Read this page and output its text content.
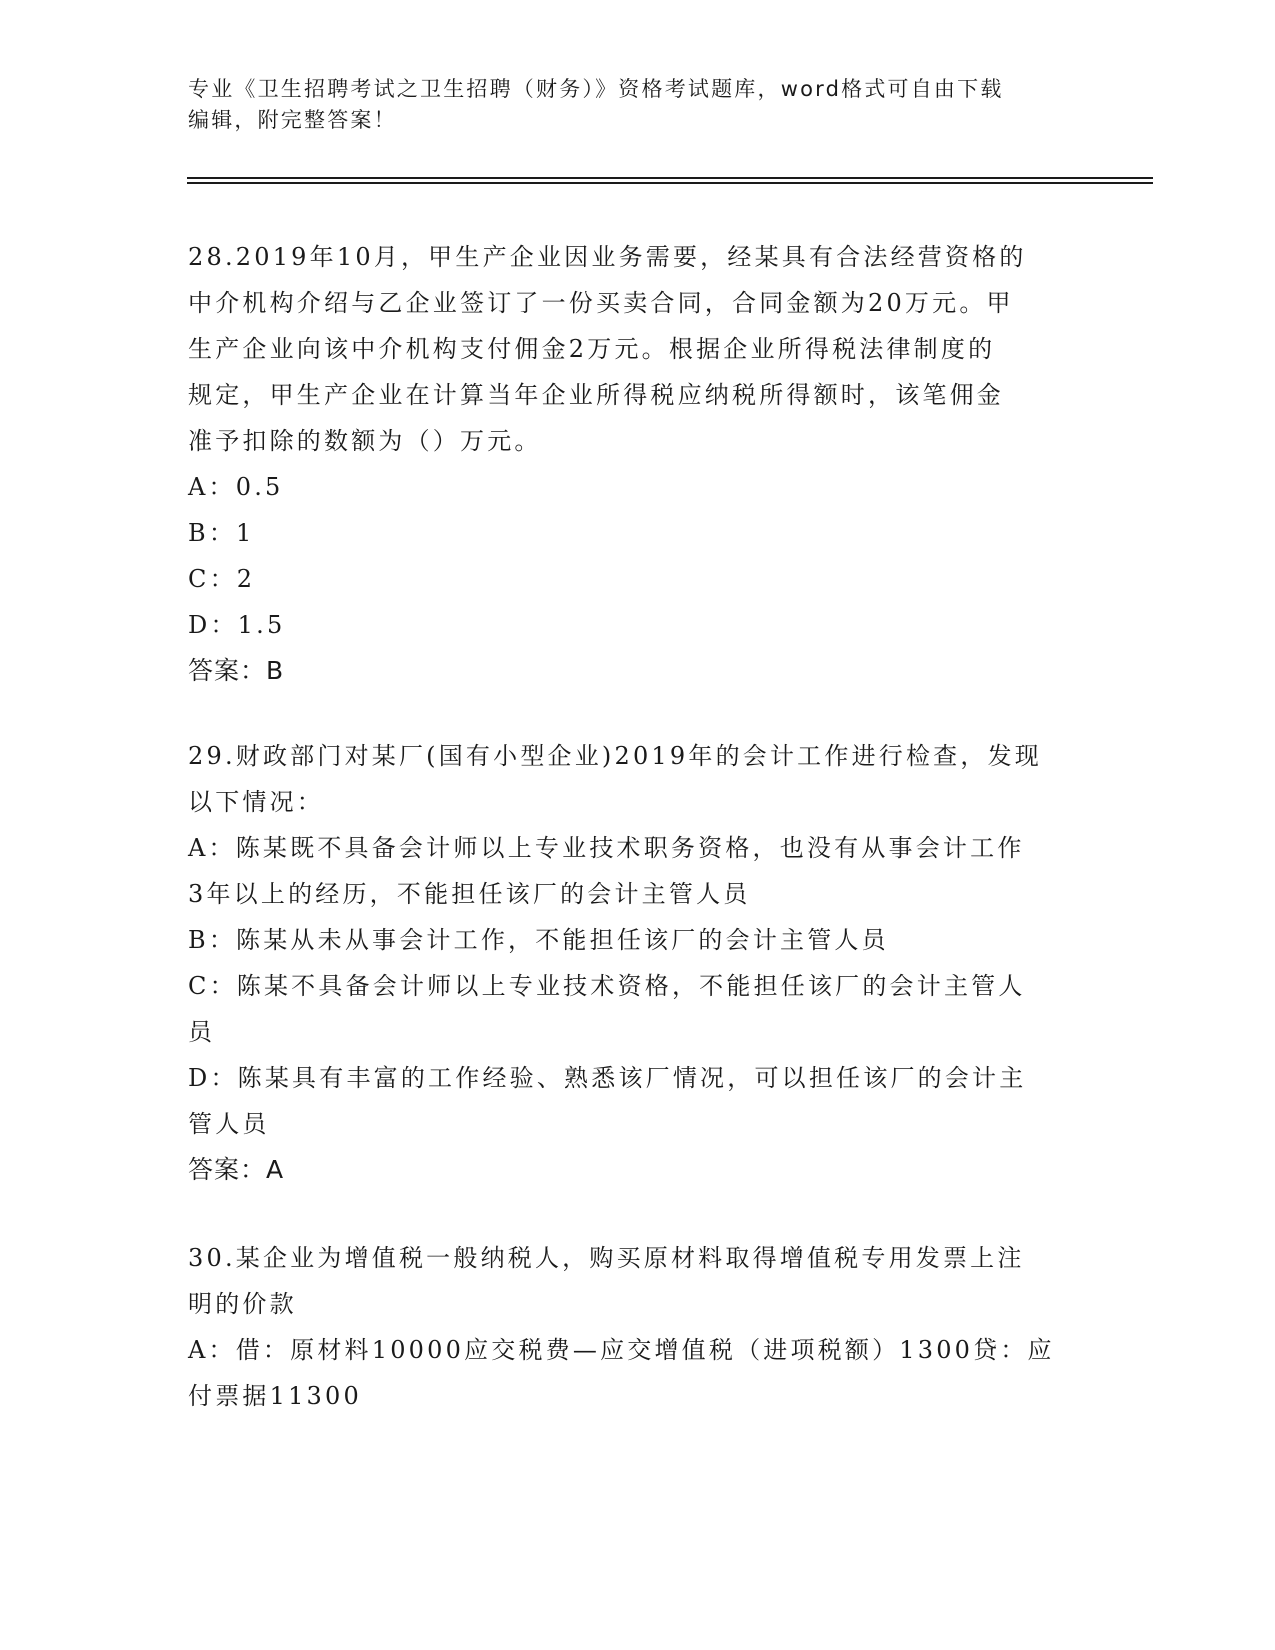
专业《卫生招聘考试之卫生招聘（财务）》资格考试题库，word格式可自由下载
编辑，附完整答案！

28.2019年10月，甲生产企业因业务需要，经某具有合法经营资格的

中介机构介绍与乙企业签订了一份买卖合同，合同金额为20万元。甲

生产企业向该中介机构支付佣金2万元。根据企业所得税法律制度的

规定，甲生产企业在计算当年企业所得税应纳税所得额时，该笔佣金

准予扣除的数额为（）万元。

A：0.5

B：1

C：2

D：1.5

答案：B

29.财政部门对某厂(国有小型企业)2019年的会计工作进行检查，发现

以下情况：

A：陈某既不具备会计师以上专业技术职务资格，也没有从事会计工作

3年以上的经历，不能担任该厂的会计主管人员

B：陈某从未从事会计工作，不能担任该厂的会计主管人员

C：陈某不具备会计师以上专业技术资格，不能担任该厂的会计主管人

员

D：陈某具有丰富的工作经验、熟悉该厂情况，可以担任该厂的会计主

管人员

答案：A

30.某企业为增值税一般纳税人，购买原材料取得增值税专用发票上注

明的价款

A：借：原材料10000应交税费—应交增值税（进项税额）1300贷：应

付票据11300
